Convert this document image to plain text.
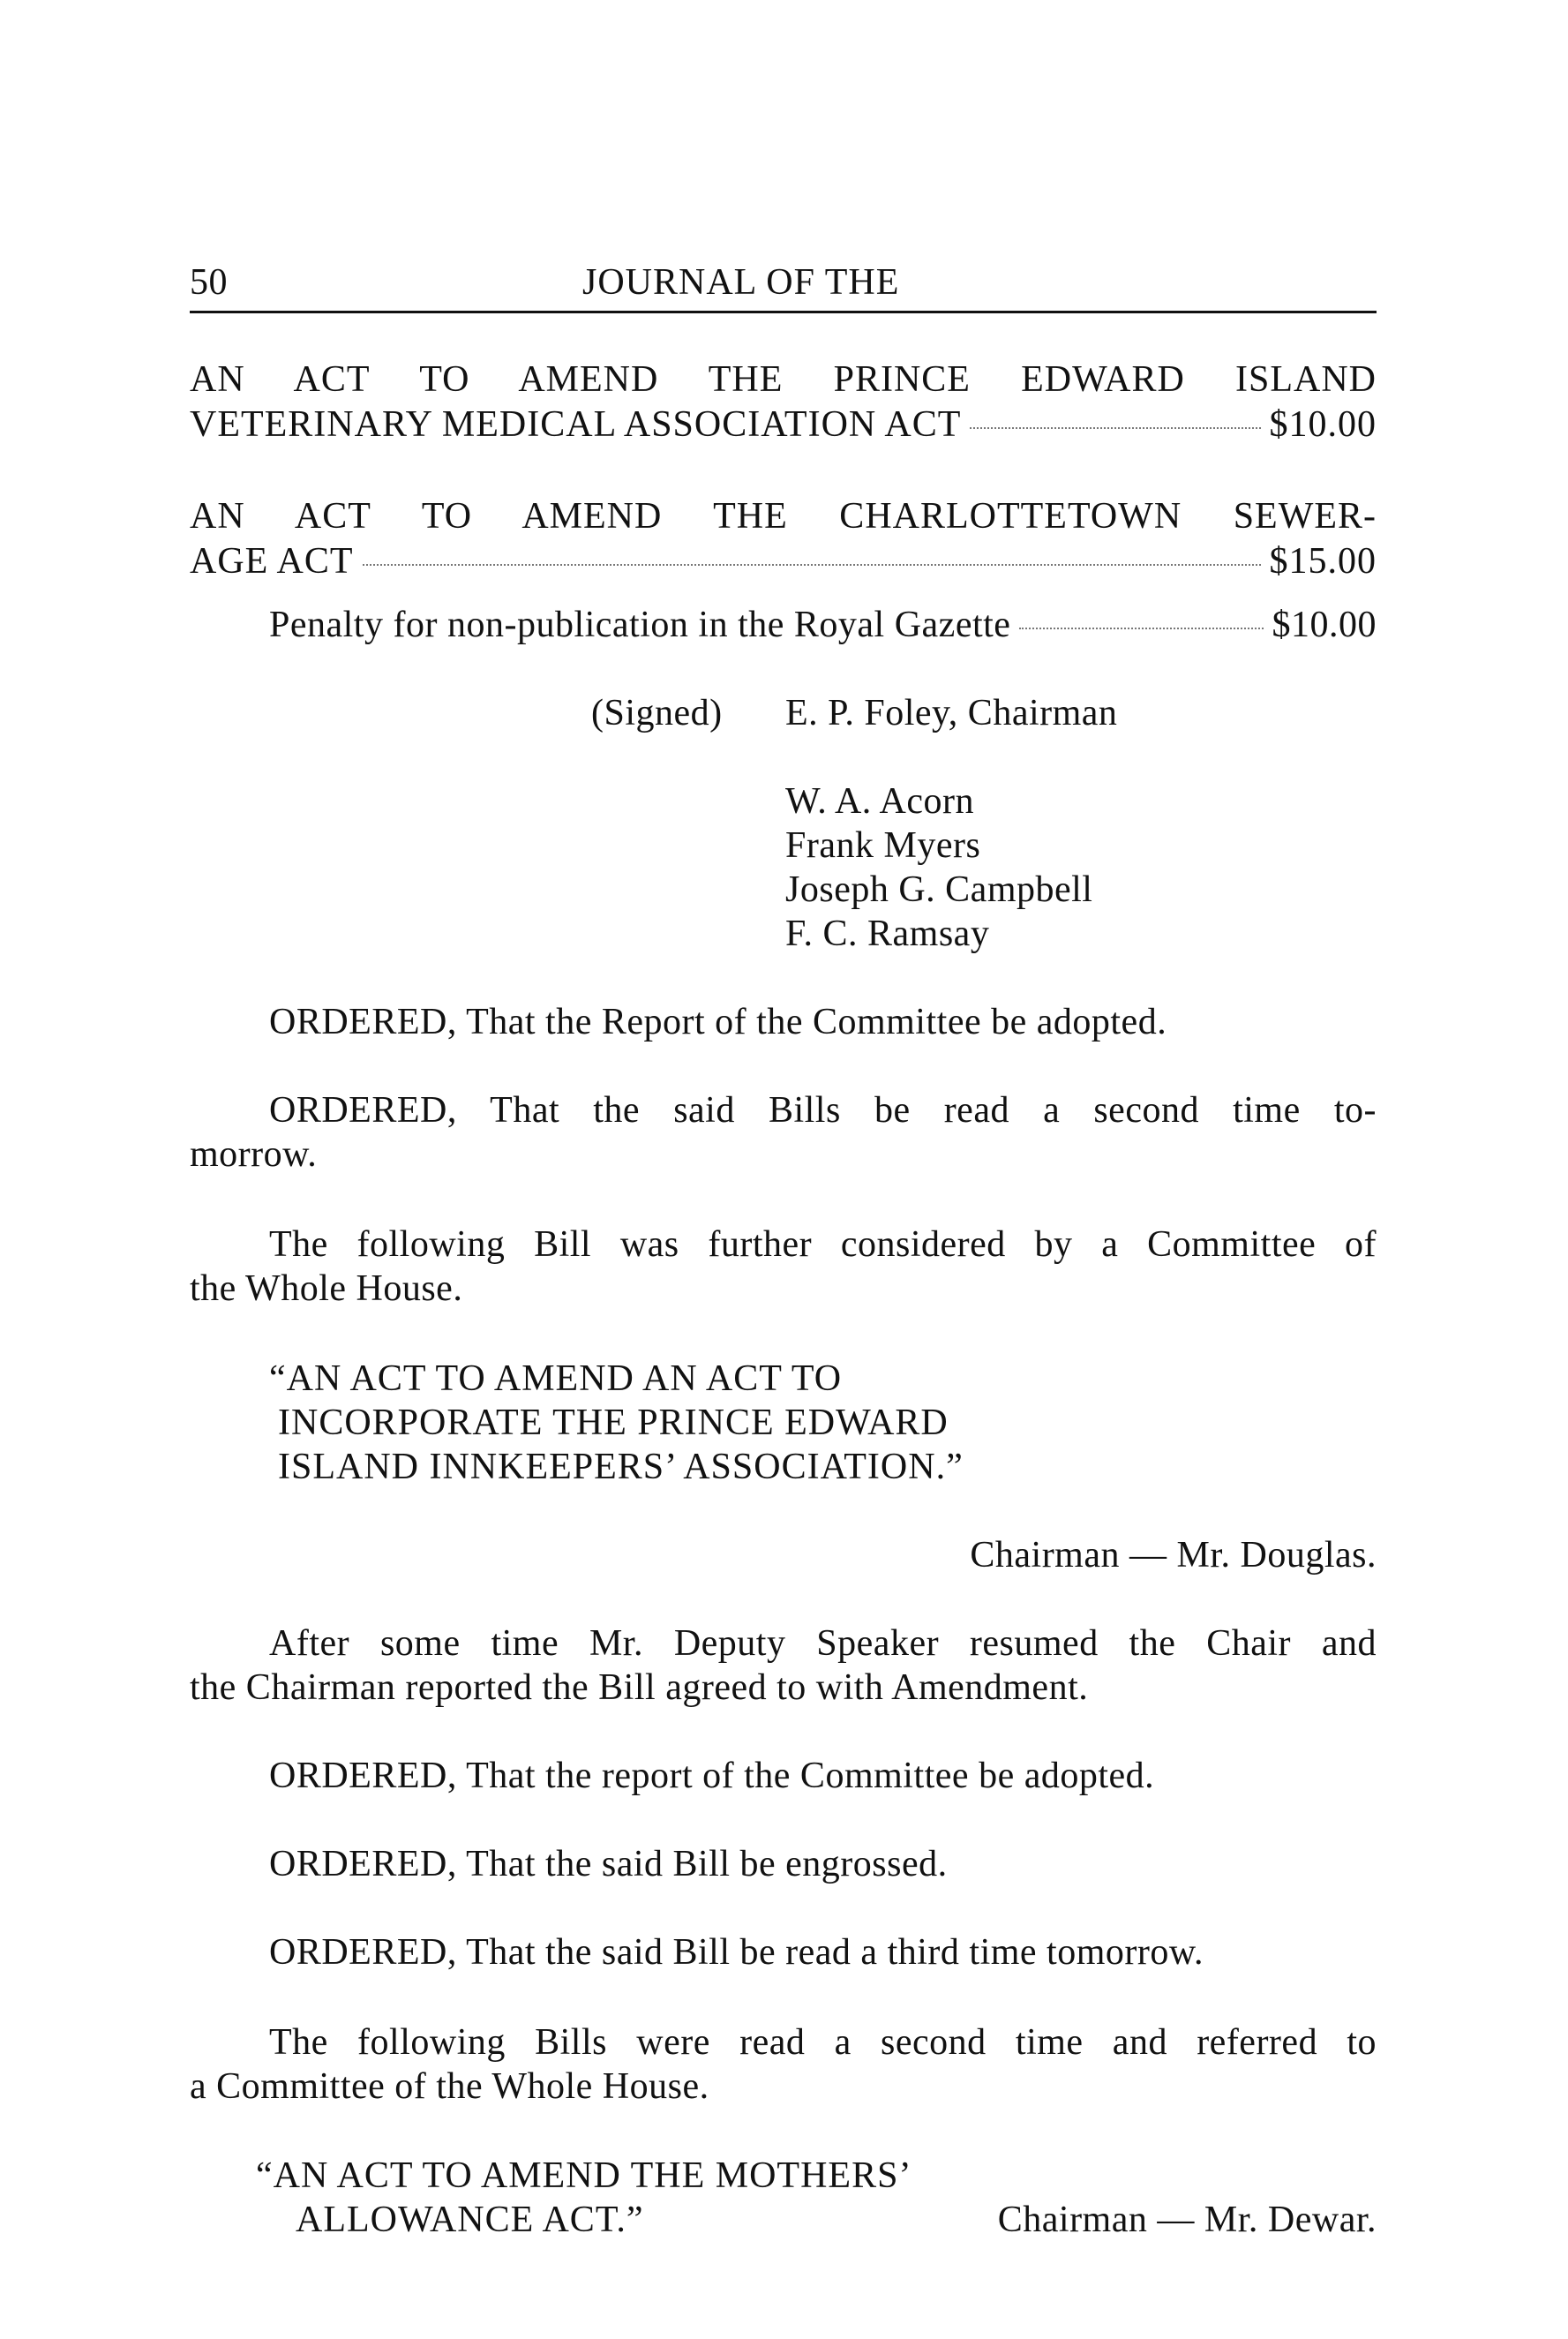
50	JOURNAL OF THE
AN ACT TO AMEND THE PRINCE EDWARD ISLAND
VETERINARY MEDICAL ASSOCIATION ACT	$10.00
AN ACT TO AMEND THE CHARLOTTETOWN SEWER-
AGE ACT	$15.00
Penalty for non-publication in the Royal Gazette	$10.00
(Signed) E. P. Foley, Chairman
W. A. Acorn
Frank Myers
Joseph G. Campbell
F. C. Ramsay
ORDERED, That the Report of the Committee be adopted.
ORDERED, That the said Bills be read a second time to-
morrow.
The following Bill was further considered by a Committee of
the Whole House.
“AN ACT TO AMEND AN ACT TO
INCORPORATE THE PRINCE EDWARD
ISLAND INNKEEPERS’ ASSOCIATION.”
Chairman — Mr. Douglas.
After some time Mr. Deputy Speaker resumed the Chair and
the Chairman reported the Bill agreed to with Amendment.
ORDERED, That the report of the Committee be adopted.
ORDERED, That the said Bill be engrossed.
ORDERED, That the said Bill be read a third time tomorrow.
The following Bills were read a second time and referred to
a Committee of the Whole House.
“AN ACT TO AMEND THE MOTHERS’
ALLOWANCE ACT.”	Chairman — Mr. Dewar.
